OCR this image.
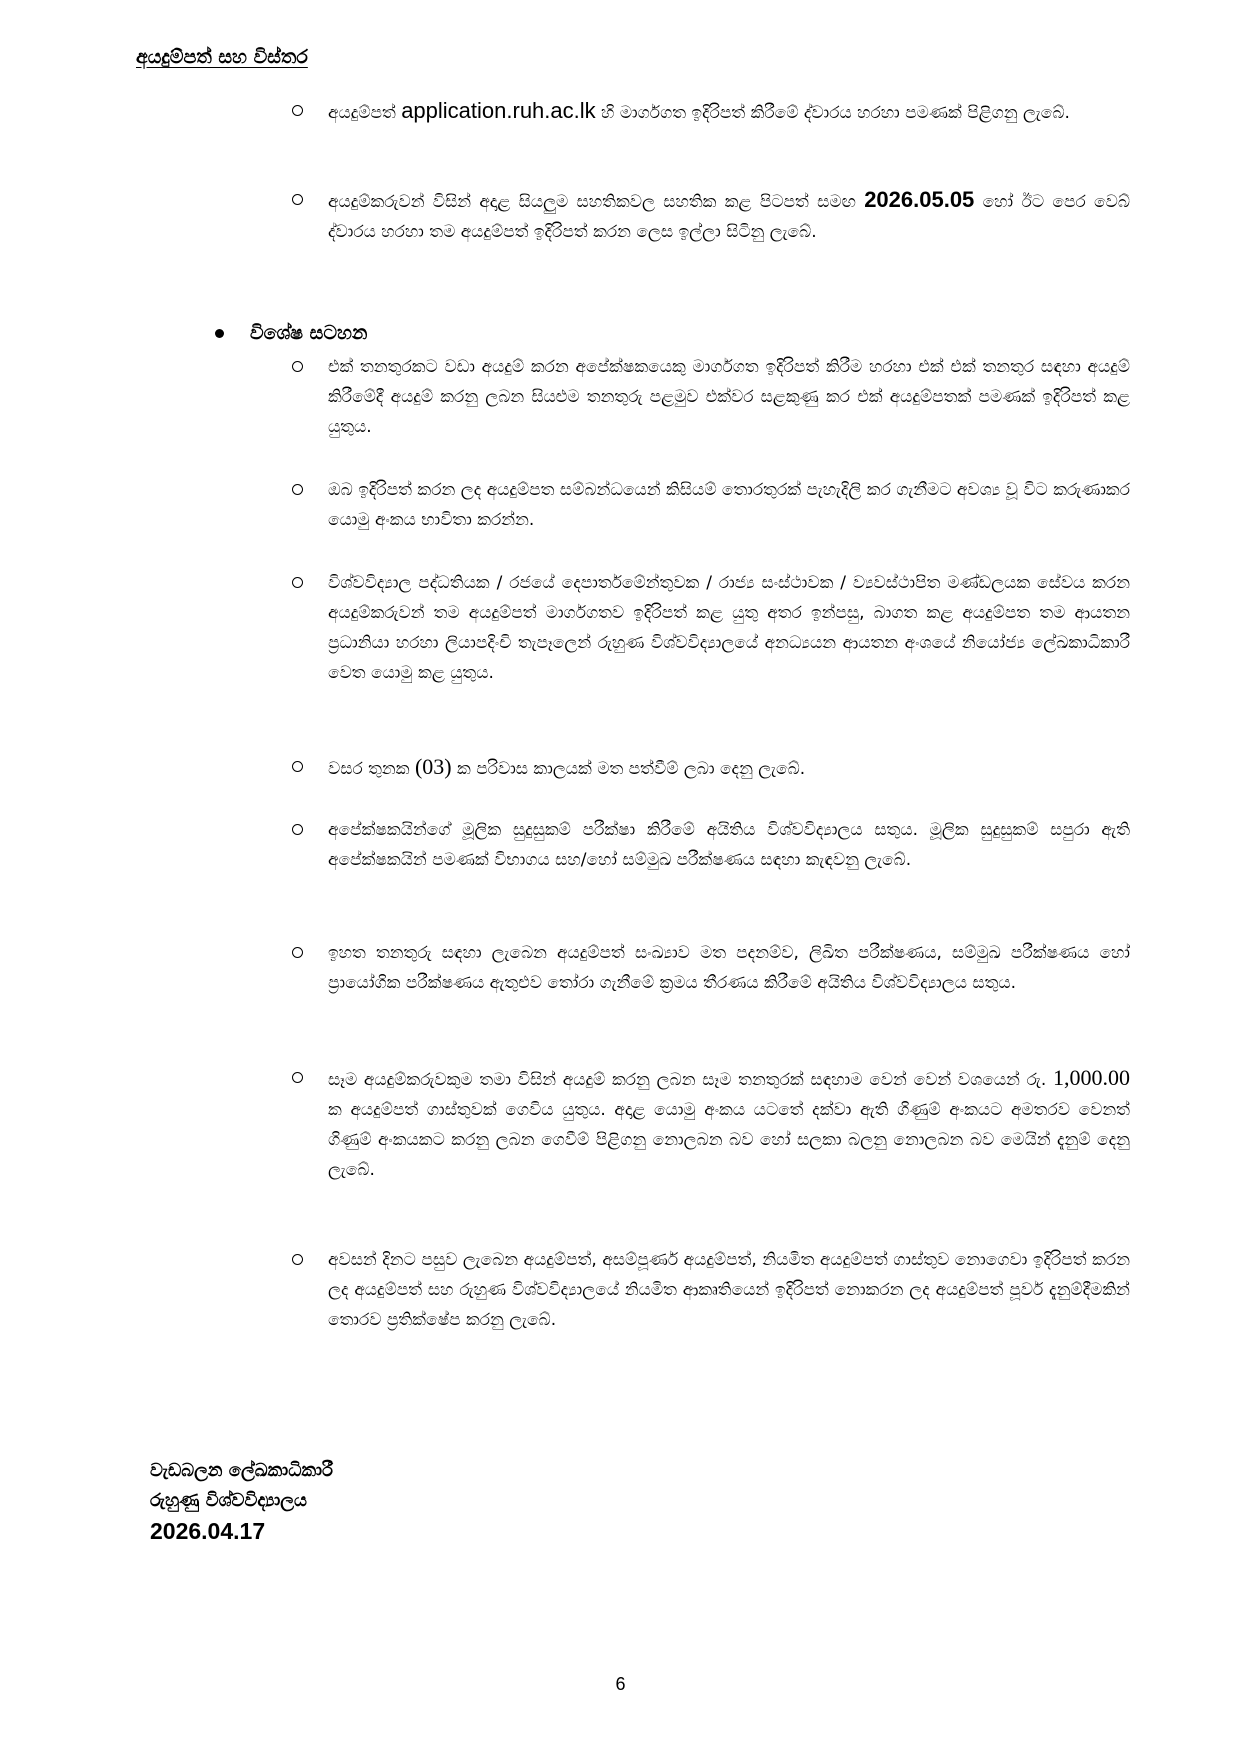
අයදුම්පත් සහ විස්තර
අයදුම්පත් application.ruh.ac.lk හි මාර්ගගත ඉදිරිපත් කිරීමේ ද්වාරය හරහා පමණක් පිළිගනු ලැබේ.
අයදුම්කරුවන් විසින් අදාළ සියලුම සහතිකවල සහතික කළ පිටපත් සමඟ 2026.05.05 හෝ ඊට පෙර වෙබ් ද්වාරය හරහා තම අයදුම්පත් ඉදිරිපත් කරන ලෙස ඉල්ලා සිටිනු ලැබේ.
විශේෂ සටහන
එක් තනතුරකට වඩා අයදුම් කරන අපේක්ෂකයෙකු මාර්ගගත ඉදිරිපත් කිරීම හරහා එක් එක් තනතුර සඳහා අයදුම් කිරීමේදී අයදුම් කරනු ලබන සියළුම තනතුරු පළමුව එක්වර සළකුණු කර එක් අයදුම්පතක් පමණක් ඉදිරිපත් කළ යුතුය.
ඔබ ඉදිරිපත් කරන ලද අයදුම්පත සම්බන්ධයෙන් කිසියම් තොරතුරක් පැහැදිලි කර ගැනීමට අවශ්‍ය වූ විට කරුණාකර යොමු අංකය භාවිතා කරන්න.
විශ්වවිද්‍යාල පද්ධතියක / රජයේ දෙපාර්තමේන්තුවක / රාජ්‍ය සංස්ථාවක / ව්‍යවස්ථාපිත මණ්ඩලයක සේවය කරන අයදුම්කරුවන් තම අයදුම්පත් මාර්ගගතව ඉදිරිපත් කළ යුතු අතර ඉන්පසු, බාගත කළ අයදුම්පත තම ආයතන ප්‍රධානියා හරහා ලියාපදිංචි තැපෑලෙන් රුහුණ විශ්වවිද්‍යාලයේ අනධ්‍යයන ආයතන අංශයේ නියෝජ්‍ය ලේඛකාධිකාරී වෙත යොමු කළ යුතුය.
වසර තුනක (03) ක පරිවාස කාලයක් මත පත්වීම් ලබා දෙනු ලැබේ.
අපේක්ෂකයින්ගේ මූලික සුදුසුකම් පරීක්ෂා කිරීමේ අයිතිය විශ්වවිද්‍යාලය සතුය. මූලික සුදුසුකම් සපුරා ඇති අපේක්ෂකයින් පමණක් විභාගය සහ/හෝ සම්මුඛ පරීක්ෂණය සඳහා කැඳවනු ලැබේ.
ඉහත තනතුරු සඳහා ලැබෙන අයදුම්පත් සංඛ්‍යාව මත පදනම්ව, ලිඛිත පරීක්ෂණය, සම්මුඛ පරීක්ෂණය හෝ ප්‍රායෝගික පරීක්ෂණය ඇතුළුව තෝරා ගැනීමේ ක්‍රමය තීරණය කිරීමේ අයිතිය විශ්වවිද්‍යාලය සතුය.
සෑම අයදුම්කරුවකුම තමා විසින් අයදුම් කරනු ලබන සෑම තනතුරක් සඳහාම වෙන් වෙන් වශයෙන් රු. 1,000.00 ක අයදුම්පත් ගාස්තුවක් ගෙවිය යුතුය. අදාළ යොමු අංකය යටතේ දක්වා ඇති ගිණුම් අංකයට අමතරව වෙනත් ගිණුම් අංකයකට කරනු ලබන ගෙවීම් පිළිගනු නොලබන බව හෝ සලකා බලනු නොලබන බව මෙයින් දැනුම් දෙනු ලැබේ.
අවසන් දිනට පසුව ලැබෙන අයදුම්පත්, අසම්පූර්ණ අයදුම්පත්, නියමිත අයදුම්පත් ගාස්තුව නොගෙවා ඉදිරිපත් කරන ලද අයදුම්පත් සහ රුහුණ විශ්වවිද්‍යාලයේ නියමිත ආකෘතියෙන් ඉදිරිපත් නොකරන ලද අයදුම්පත් පූර්ව දැනුම්දීමකින් තොරව ප්‍රතික්ෂේප කරනු ලැබේ.
වැඩබලන ලේඛකාධිකාරී
රුහුණු විශ්වවිද්‍යාලය
2026.04.17
6
